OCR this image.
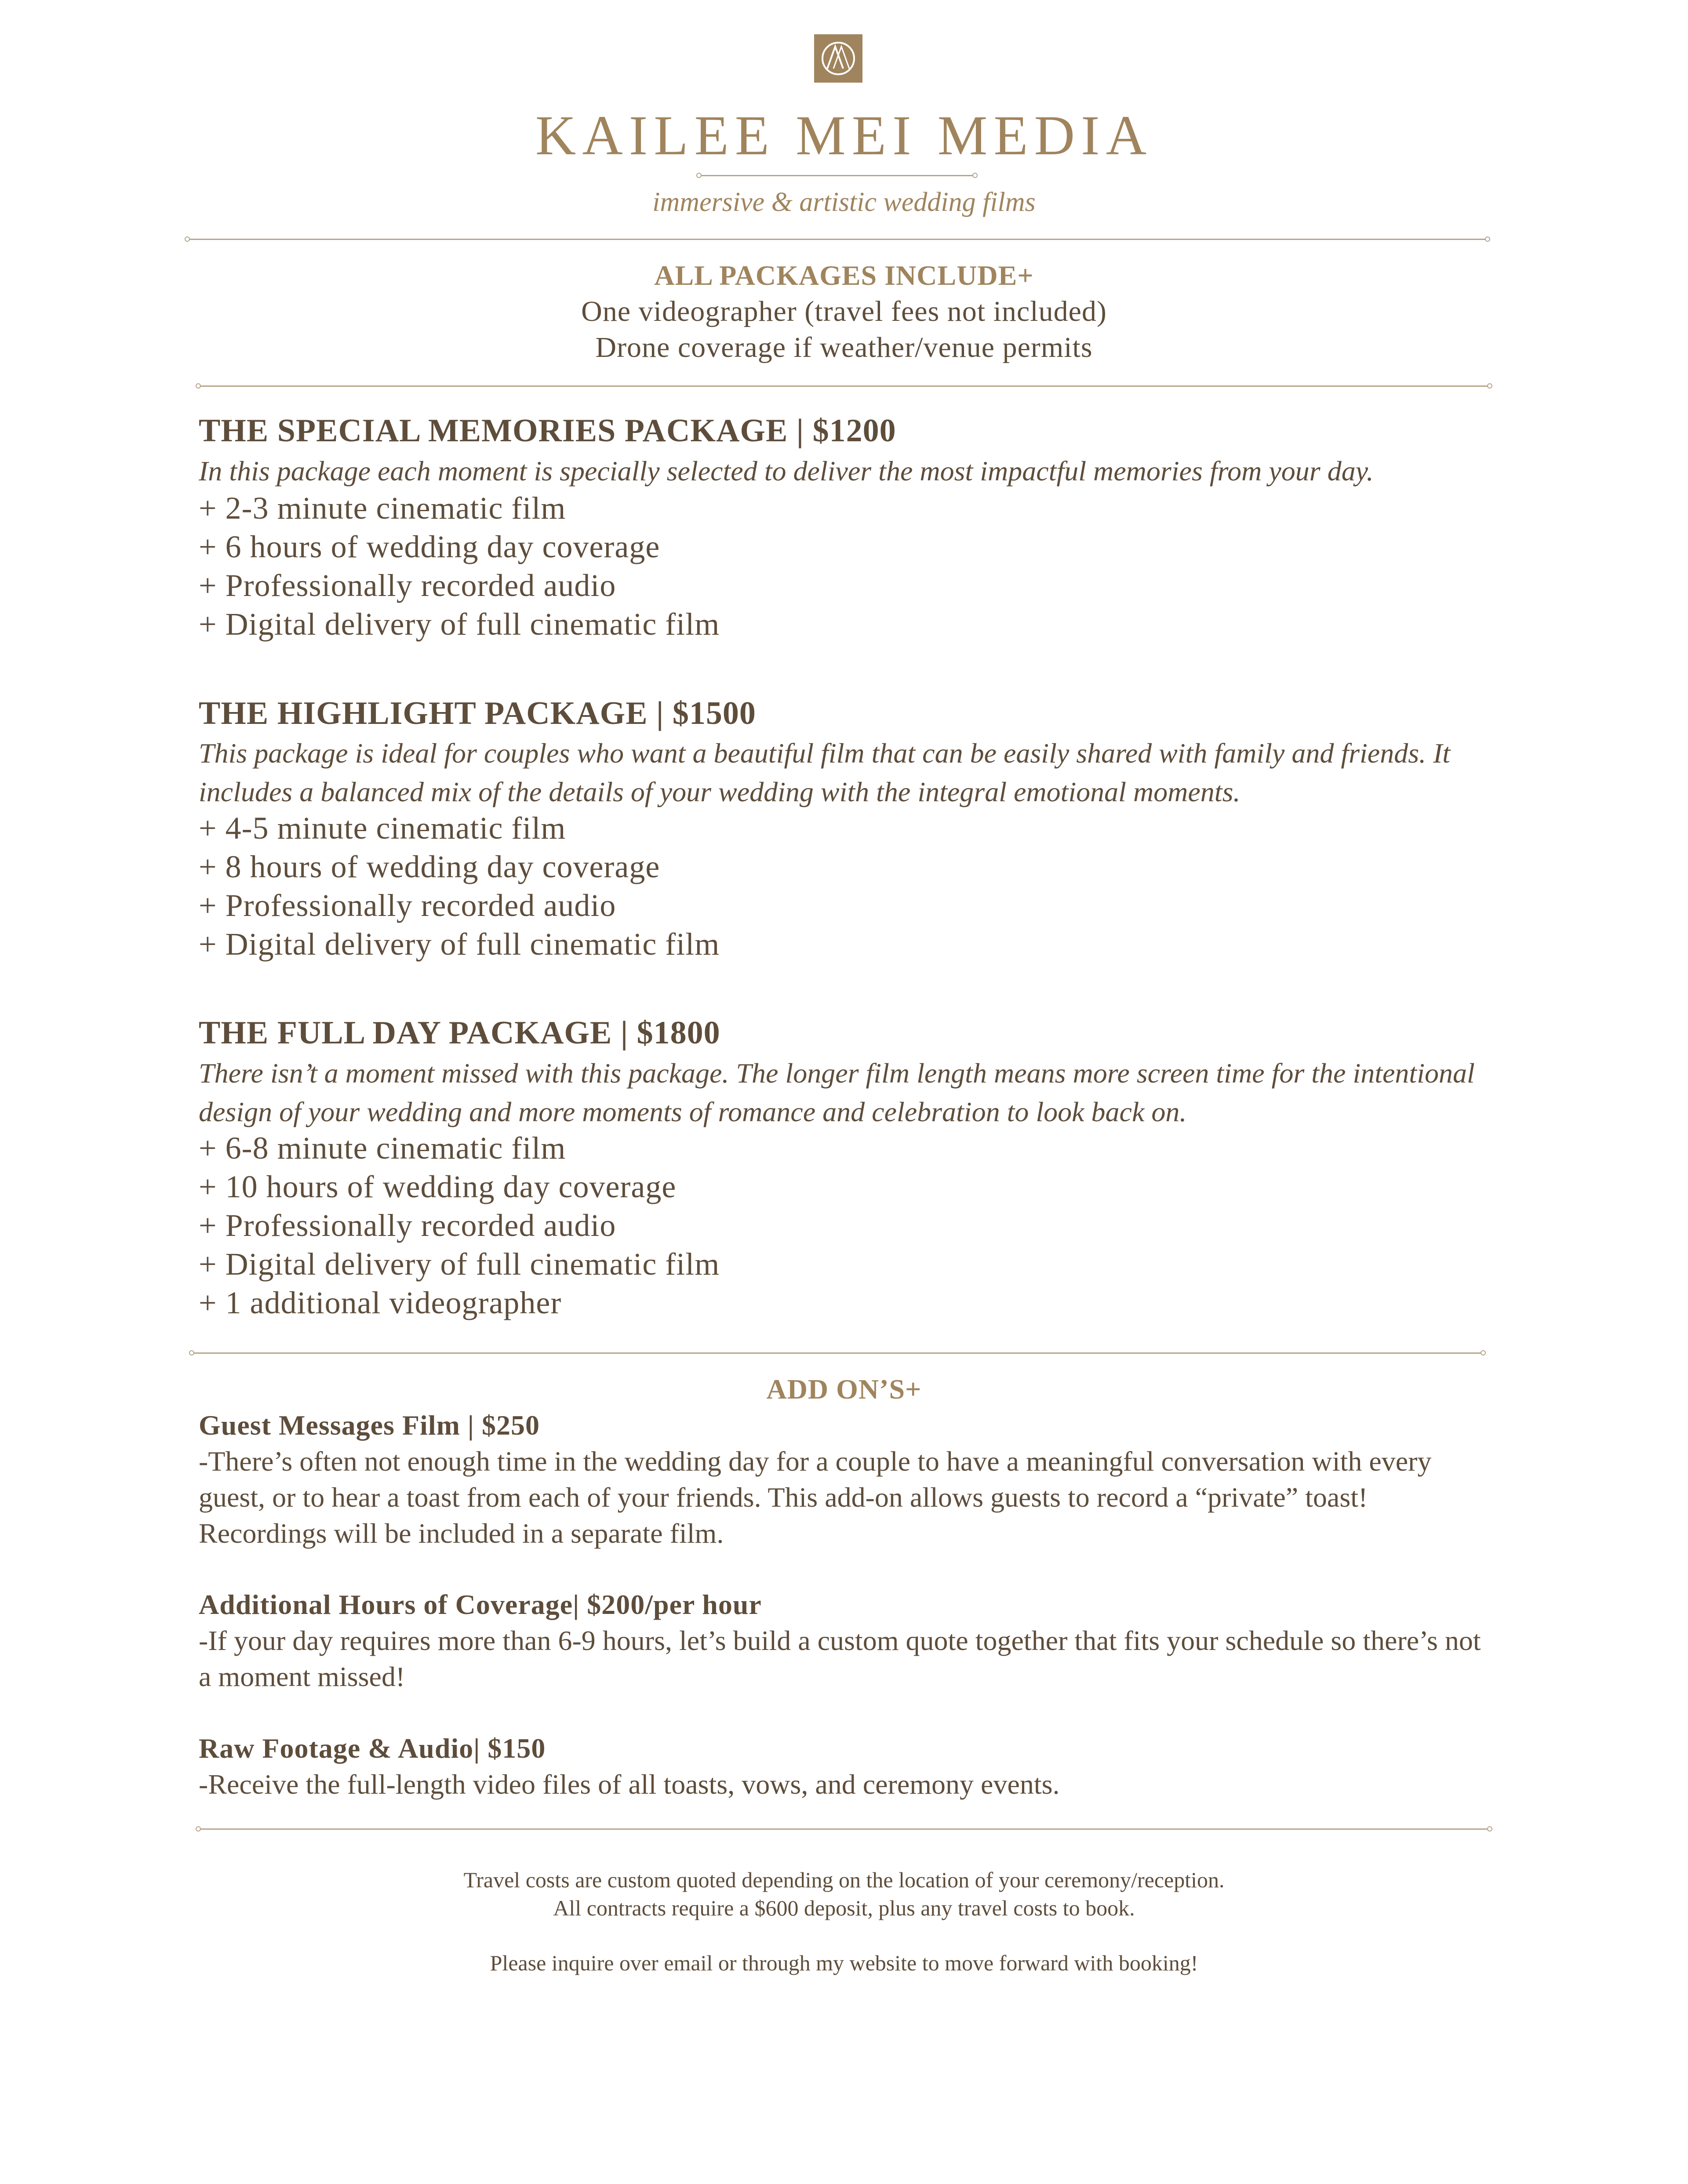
KAILEE MEI MEDIA
immersive & artistic wedding films
ALL PACKAGES INCLUDE+
One videographer (travel fees not included)
Drone coverage if weather/venue permits
THE SPECIAL MEMORIES PACKAGE | $1200
In this package each moment is specially selected to deliver the most impactful memories from your day.
+ 2-3 minute cinematic film
+ 6 hours of wedding day coverage
+ Professionally recorded audio
+ Digital delivery of full cinematic film
THE HIGHLIGHT PACKAGE | $1500
This package is ideal for couples who want a beautiful film that can be easily shared with family and friends. It includes a balanced mix of the details of your wedding with the integral emotional moments.
+ 4-5 minute cinematic film
+ 8 hours of wedding day coverage
+ Professionally recorded audio
+ Digital delivery of full cinematic film
THE FULL DAY PACKAGE | $1800
There isn’t a moment missed with this package. The longer film length means more screen time for the intentional design of your wedding and more moments of romance and celebration to look back on.
+ 6-8 minute cinematic film
+ 10 hours of wedding day coverage
+ Professionally recorded audio
+ Digital delivery of full cinematic film
+ 1 additional videographer
ADD ON’S+
Guest Messages Film | $250
-There’s often not enough time in the wedding day for a couple to have a meaningful conversation with every guest, or to hear a toast from each of your friends. This add-on allows guests to record a “private” toast! Recordings will be included in a separate film.
Additional Hours of Coverage| $200/per hour
-If your day requires more than 6-9 hours, let’s build a custom quote together that fits your schedule so there’s not a moment missed!
Raw Footage & Audio| $150
-Receive the full-length video files of all toasts, vows, and ceremony events.
Travel costs are custom quoted depending on the location of your ceremony/reception.
All contracts require a $600 deposit, plus any travel costs to book.
Please inquire over email or through my website to move forward with booking!
